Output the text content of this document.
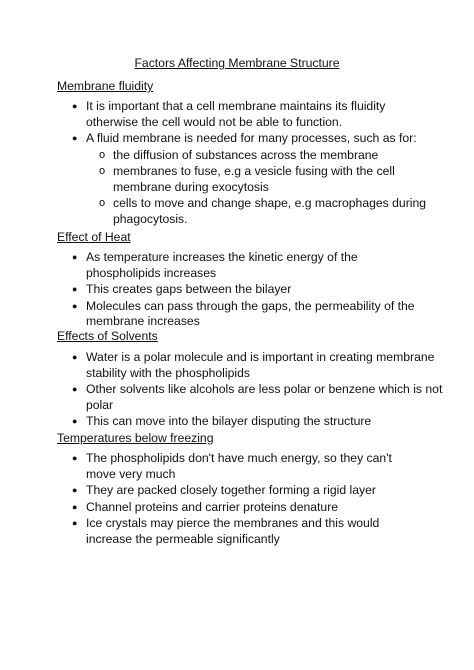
Factors Affecting Membrane Structure
Membrane fluidity
● It is important that a cell membrane maintains its fluidity otherwise the cell would not be able to function.
● A fluid membrane is needed for many processes, such as for:
o the diffusion of substances across the membrane
o membranes to fuse, e.g a vesicle fusing with the cell membrane during exocytosis
o cells to move and change shape, e.g macrophages during phagocytosis.
Effect of Heat
● As temperature increases the kinetic energy of the phospholipids increases
● This creates gaps between the bilayer
● Molecules can pass through the gaps, the permeability of the membrane increases
Effects of Solvents
● Water is a polar molecule and is important in creating membrane stability with the phospholipids
● Other solvents like alcohols are less polar or benzene which is not polar
● This can move into the bilayer disputing the structure
Temperatures below freezing
● The phospholipids don't have much energy, so they can't move very much
● They are packed closely together forming a rigid layer
● Channel proteins and carrier proteins denature
● Ice crystals may pierce the membranes and this would increase the permeable significantly
